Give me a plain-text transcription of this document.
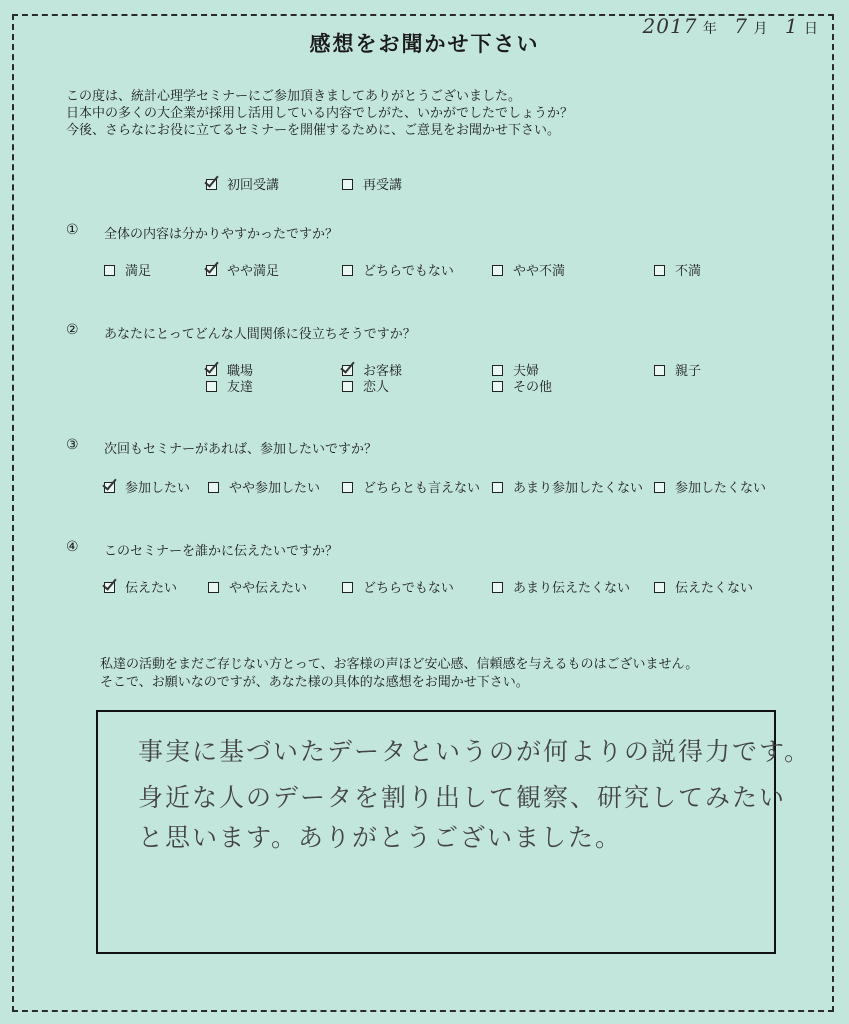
2017 年 7 月 1 日
感想をお聞かせ下さい
この度は、統計心理学セミナーにご参加頂きましてありがとうございました。
日本中の多くの大企業が採用し活用している内容でしがた、いかがでしたでしょうか？
今後、さらなにお役に立てるセミナーを開催するために、ご意見をお聞かせ下さい。
初回受講	再受講
① 全体の内容は分かりやすかったですか？
満足	やや満足	どちらでもない	やや不満	不満
② あなたにとってどんな人間関係に役立ちそうですか？
職場	お客様	夫婦	親子
友達	恋人	その他
③ 次回もセミナーがあれば、参加したいですか？
参加したい	やや参加したい	どちらとも言えない	あまり参加したくない	参加したくない
④ このセミナーを誰かに伝えたいですか？
伝えたい	やや伝えたい	どちらでもない	あまり伝えたくない	伝えたくない
私達の活動をまだご存じない方とって、お客様の声ほど安心感、信頼感を与えるものはございません。
そこで、お願いなのですが、あなた様の具体的な感想をお聞かせ下さい。
事実に基づいたデータというのが何よりの説得力です。
身近な人のデータを割り出して観察、研究してみたい
と思います。ありがとうございました。
